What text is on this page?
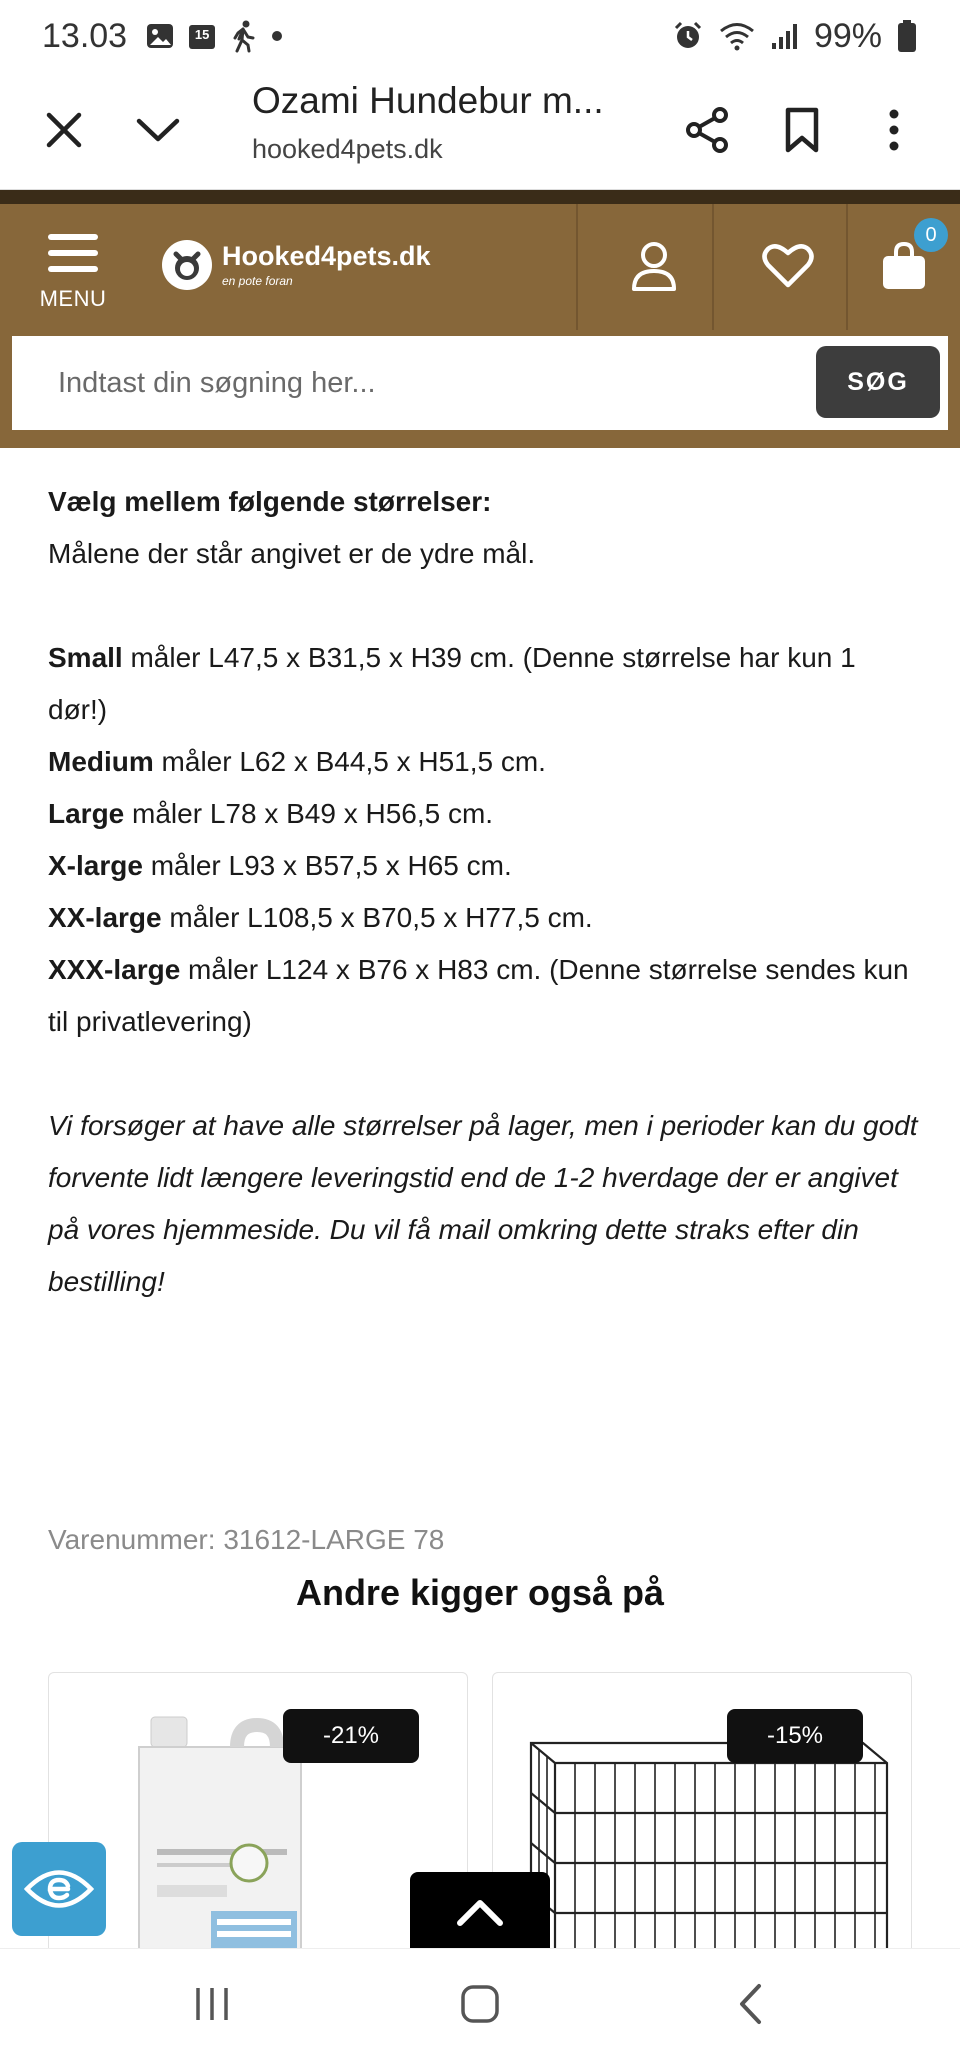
13.03	15	99%
Ozami Hundebur m...
hooked4pets.dk
MENU
Hooked4pets.dk
en pote foran
Indtast din søgning her...
SØG
0

Vælg mellem følgende størrelser:

Målene der står angivet er de ydre mål.

Small måler L47,5 x B31,5 x H39 cm. (Denne størrelse har kun 1 dør!)

Medium måler L62 x B44,5 x H51,5 cm.

Large måler L78 x B49 x H56,5 cm.

X-large måler L93 x B57,5 x H65 cm.

XX-large måler L108,5 x B70,5 x H77,5 cm.

XXX-large måler L124 x B76 x H83 cm. (Denne størrelse sendes kun til privatlevering)

Vi forsøger at have alle størrelser på lager, men i perioder kan du godt forvente lidt længere leveringstid end de 1-2 hverdage der er angivet på vores hjemmeside. Du vil få mail omkring dette straks efter din bestilling!

Varenummer: 31612-LARGE 78
Andre kigger også på
-21%	-15%
